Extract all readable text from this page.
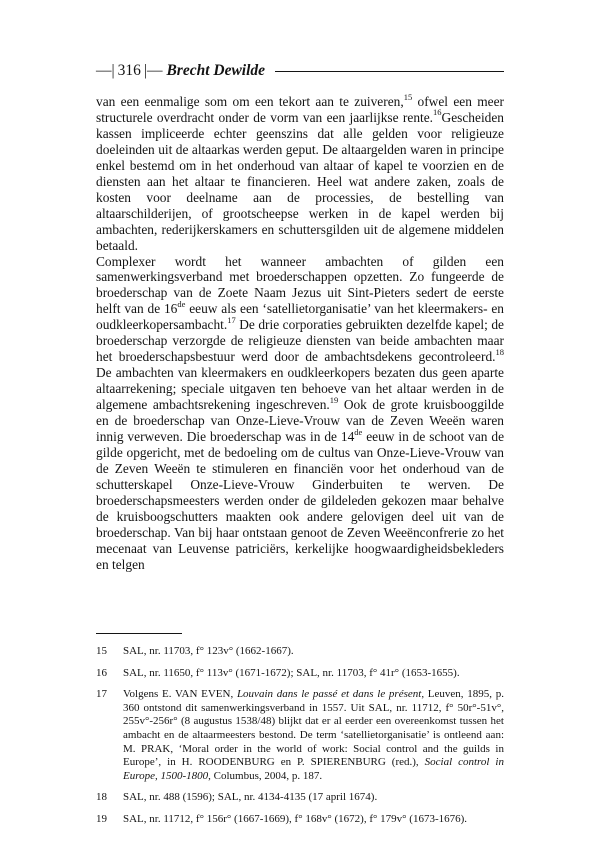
—| 316 |— Brecht Dewilde

van een eenmalige som om een tekort aan te zuiveren,$^{15}$ ofwel een meer structurele overdracht onder de vorm van een jaarlijkse rente.$^{16}$Gescheiden kassen impliceerde echter geenszins dat alle gelden voor religieuze doeleinden uit de altaarkas werden geput. De altaargelden waren in principe enkel bestemd om in het onderhoud van altaar of kapel te voorzien en de diensten aan het altaar te financieren. Heel wat andere zaken, zoals de kosten voor deelname aan de processies, de bestelling van altaarschilderijen, of grootscheepse werken in de kapel werden bij ambachten, rederijkerskamers en schuttersgilden uit de algemene middelen betaald.

Complexer wordt het wanneer ambachten of gilden een samenwerkingsverband met broederschappen opzetten. Zo fungeerde de broederschap van de Zoete Naam Jezus uit Sint-Pieters sedert de eerste helft van de 16de eeuw als een ‘satellietorganisatie’ van het kleermakers- en oudkleerkopersambacht.$^{17}$ De drie corporaties gebruikten dezelfde kapel; de broederschap verzorgde de religieuze diensten van beide ambachten maar het broederschapsbestuur werd door de ambachtsdekens gecontroleerd.$^{18}$ De ambachten van kleermakers en oudkleerkopers bezaten dus geen aparte altaarrekening; speciale uitgaven ten behoeve van het altaar werden in de algemene ambachtsrekening ingeschreven.$^{19}$ Ook de grote kruisbooggilde en de broederschap van Onze-Lieve-Vrouw van de Zeven Weeën waren innig verweven. Die broederschap was in de 14de eeuw in de schoot van de gilde opgericht, met de bedoeling om de cultus van Onze-Lieve-Vrouw van de Zeven Weeën te stimuleren en financiën voor het onderhoud van de schutterskapel Onze-Lieve-Vrouw Ginderbuiten te werven. De broederschapsmeesters werden onder de gildeleden gekozen maar behalve de kruisboogschutters maakten ook andere gelovigen deel uit van de broederschap. Van bij haar ontstaan genoot de Zeven Weeënconfrerie zo het mecenaat van Leuvense patriciërs, kerkelijke hoogwaardigheidsbekleders en telgen

15	SAL, nr. 11703, f° 123v° (1662-1667).
16	SAL, nr. 11650, f° 113v° (1671-1672); SAL, nr. 11703, f° 41r° (1653-1655).
17	Volgens E. VAN EVEN, Louvain dans le passé et dans le présent, Leuven, 1895, p. 360 ontstond dit samenwerkingsverband in 1557. Uit SAL, nr. 11712, f° 50r°-51v°, 255v°-256r° (8 augustus 1538/48) blijkt dat er al eerder een overeenkomst tussen het ambacht en de altaarmeesters bestond. De term ‘satellietorganisatie’ is ontleend aan: M. PRAK, ‘Moral order in the world of work: Social control and the guilds in Europe’, in H. ROODENBURG en P. SPIERENBURG (red.), Social control in Europe, 1500-1800, Columbus, 2004, p. 187.
18	SAL, nr. 488 (1596); SAL, nr. 4134-4135 (17 april 1674).
19	SAL, nr. 11712, f° 156r° (1667-1669), f° 168v° (1672), f° 179v° (1673-1676).
